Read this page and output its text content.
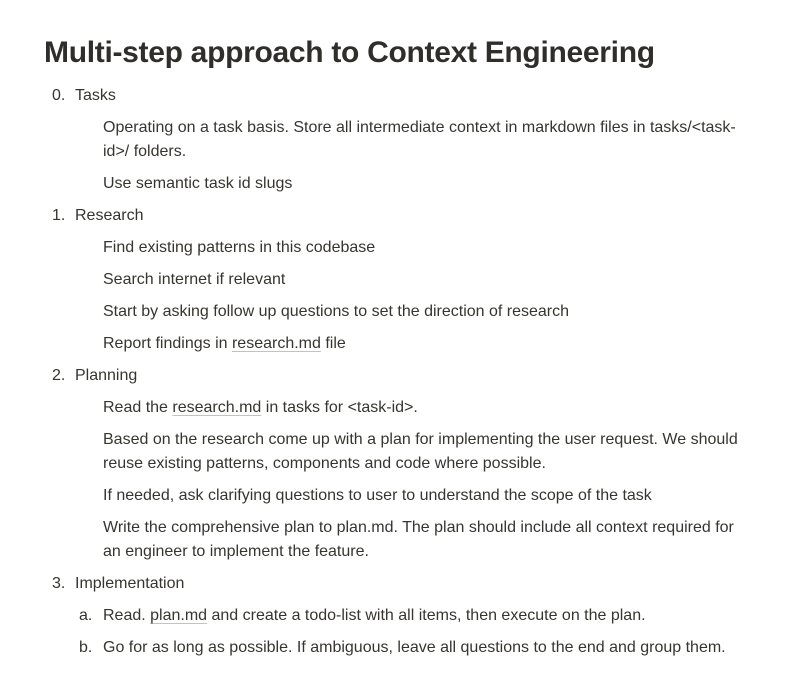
Multi-step approach to Context Engineering
0. Tasks
Operating on a task basis. Store all intermediate context in markdown files in tasks/<task-
id>/ folders.
Use semantic task id slugs
1. Research
Find existing patterns in this codebase
Search internet if relevant
Start by asking follow up questions to set the direction of research
Report findings in research.md file
2. Planning
Read the research.md in tasks for <task-id>.
Based on the research come up with a plan for implementing the user request. We should
reuse existing patterns, components and code where possible.
If needed, ask clarifying questions to user to understand the scope of the task
Write the comprehensive plan to plan.md. The plan should include all context required for
an engineer to implement the feature.
3. Implementation
a. Read. plan.md and create a todo-list with all items, then execute on the plan.
b. Go for as long as possible. If ambiguous, leave all questions to the end and group them.
